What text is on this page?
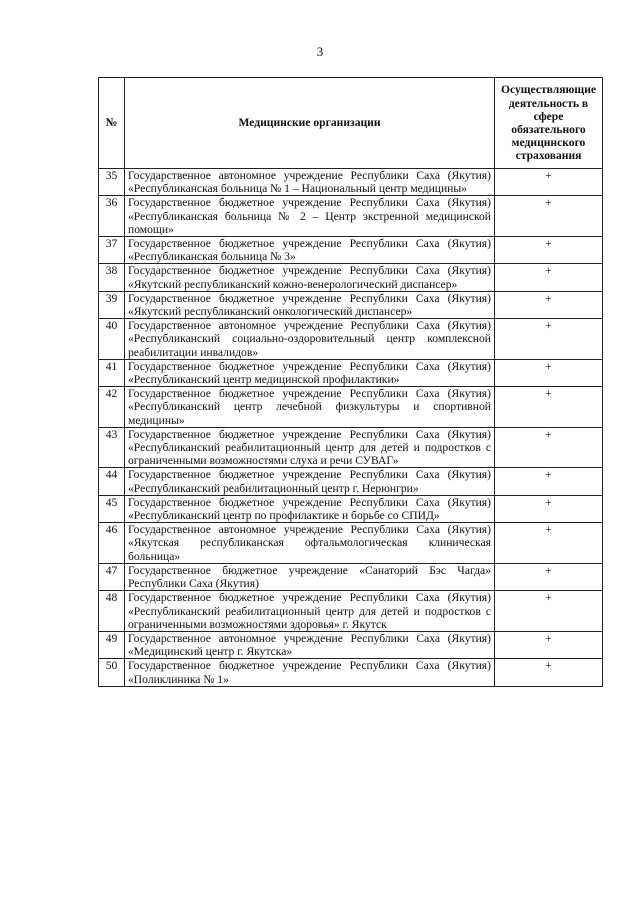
3
№	Медицинские организации	Осуществляющие деятельность в сфере обязательного медицинского страхования
35	Государственное автономное учреждение Республики Саха (Якутия) «Республиканская больница № 1 – Национальный центр медицины»	+
36	Государственное бюджетное учреждение Республики Саха (Якутия) «Республиканская больница № 2 – Центр экстренной медицинской помощи»	+
37	Государственное бюджетное учреждение Республики Саха (Якутия) «Республиканская больница № 3»	+
38	Государственное бюджетное учреждение Республики Саха (Якутия) «Якутский республиканский кожно-венерологический диспансер»	+
39	Государственное бюджетное учреждение Республики Саха (Якутия) «Якутский республиканский онкологический диспансер»	+
40	Государственное автономное учреждение Республики Саха (Якутия) «Республиканский социально-оздоровительный центр комплексной реабилитации инвалидов»	+
41	Государственное бюджетное учреждение Республики Саха (Якутия) «Республиканский центр медицинской профилактики»	+
42	Государственное бюджетное учреждение Республики Саха (Якутия) «Республиканский центр лечебной физкультуры и спортивной медицины»	+
43	Государственное бюджетное учреждение Республики Саха (Якутия) «Республиканский реабилитационный центр для детей и подростков с ограниченными возможностями слуха и речи СУВАГ»	+
44	Государственное бюджетное учреждение Республики Саха (Якутия) «Республиканский реабилитационный центр г. Нерюнгри»	+
45	Государственное бюджетное учреждение Республики Саха (Якутия) «Республиканский центр по профилактике и борьбе со СПИД»	+
46	Государственное автономное учреждение Республики Саха (Якутия) «Якутская республиканская офтальмологическая клиническая больница»	+
47	Государственное бюджетное учреждение «Санаторий Бэс Чагда» Республики Саха (Якутия)	+
48	Государственное бюджетное учреждение Республики Саха (Якутия) «Республиканский реабилитационный центр для детей и подростков с ограниченными возможностями здоровья» г. Якутск	+
49	Государственное автономное учреждение Республики Саха (Якутия) «Медицинский центр г. Якутска»	+
50	Государственное бюджетное учреждение Республики Саха (Якутия) «Поликлиника № 1»	+
